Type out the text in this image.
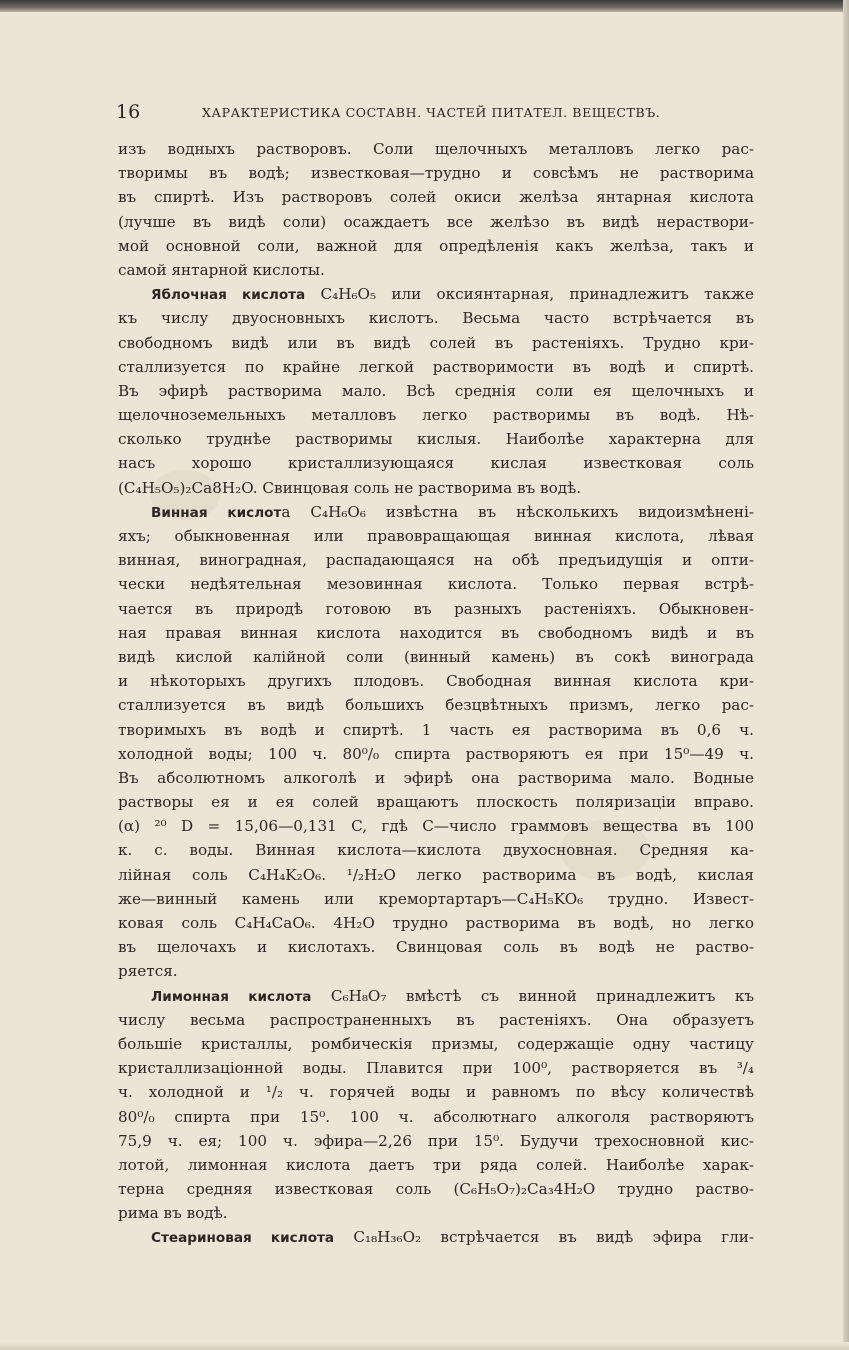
16	ХАРАКТЕРИСТИКА СОСТАВН. ЧАСТЕЙ ПИТАТЕЛ. ВЕЩЕСТВЪ.
изъ водныхъ растворовъ. Соли щелочныхъ металловъ легко рас-
творимы въ водѣ; известковая—трудно и совсѣмъ не растворима
въ спиртѣ. Изъ растворовъ солей окиси желѣза янтарная кислота
(лучше въ видѣ соли) осаждаетъ все желѣзо въ видѣ нераствори-
мой основной соли, важной для опредѣленія какъ желѣза, такъ и
самой янтарной кислоты.
Яблочная кислота C₄H₆O₅ или оксиянтарная, принадлежитъ также
къ числу двуосновныхъ кислотъ. Весьма часто встрѣчается въ
свободномъ видѣ или въ видѣ солей въ растеніяхъ. Трудно кри-
сталлизуется по крайне легкой растворимости въ водѣ и спиртѣ.
Въ эфирѣ растворима мало. Всѣ среднія соли ея щелочныхъ и
щелочноземельныхъ металловъ легко растворимы въ водѣ. Нѣ-
сколько труднѣе растворимы кислыя. Наиболѣе характерна для
насъ хорошо кристаллизующаяся кислая известковая соль
(C₄H₅O₅)₂Ca8H₂O. Свинцовая соль не растворима въ водѣ.
Винная кислота C₄H₆O₆ извѣстна въ нѣсколькихъ видоизмѣнені-
яхъ; обыкновенная или правовращающая винная кислота, лѣвая
винная, виноградная, распадающаяся на обѣ предъидущія и опти-
чески недѣятельная мезовинная кислота. Только первая встрѣ-
чается въ природѣ готовою въ разныхъ растеніяхъ. Обыкновен-
ная правая винная кислота находится въ свободномъ видѣ и въ
видѣ кислой калійной соли (винный камень) въ сокѣ винограда
и нѣкоторыхъ другихъ плодовъ. Свободная винная кислота кри-
сталлизуется въ видѣ большихъ безцвѣтныхъ призмъ, легко рас-
творимыхъ въ водѣ и спиртѣ. 1 часть ея растворима въ 0,6 ч.
холодной воды; 100 ч. 80⁰/₀ спирта растворяютъ ея при 15⁰—49 ч.
Въ абсолютномъ алкоголѣ и эфирѣ она растворима мало. Водные
растворы ея и ея солей вращаютъ плоскость поляризаціи вправо.
(α) ²⁰ D = 15,06—0,131 C, гдѣ C—число граммовъ вещества въ 100
к. с. воды. Винная кислота—кислота двухосновная. Средняя ка-
лійная соль C₄H₄K₂O₆. ¹/₂H₂O легко растворима въ водѣ, кислая
же—винный камень или кремортартаръ—C₄H₅KO₆ трудно. Извест-
ковая соль C₄H₄CaO₆. 4H₂O трудно растворима въ водѣ, но легко
въ щелочахъ и кислотахъ. Свинцовая соль въ водѣ не раство-
ряется.
Лимонная кислота C₆H₈O₇ вмѣстѣ съ винной принадлежитъ къ
числу весьма распространенныхъ въ растеніяхъ. Она образуетъ
большіе кристаллы, ромбическія призмы, содержащіе одну частицу
кристаллизаціонной воды. Плавится при 100⁰, растворяется въ ³/₄
ч. холодной и ¹/₂ ч. горячей воды и равномъ по вѣсу количествѣ
80⁰/₀ спирта при 15⁰. 100 ч. абсолютнаго алкоголя растворяютъ
75,9 ч. ея; 100 ч. эфира—2,26 при 15⁰. Будучи трехосновной кис-
лотой, лимонная кислота даетъ три ряда солей. Наиболѣе харак-
терна средняя известковая соль (C₆H₅O₇)₂Ca₃4H₂O трудно раство-
рима въ водѣ.
Стеариновая кислота C₁₈H₃₆O₂ встрѣчается въ видѣ эфира гли-
